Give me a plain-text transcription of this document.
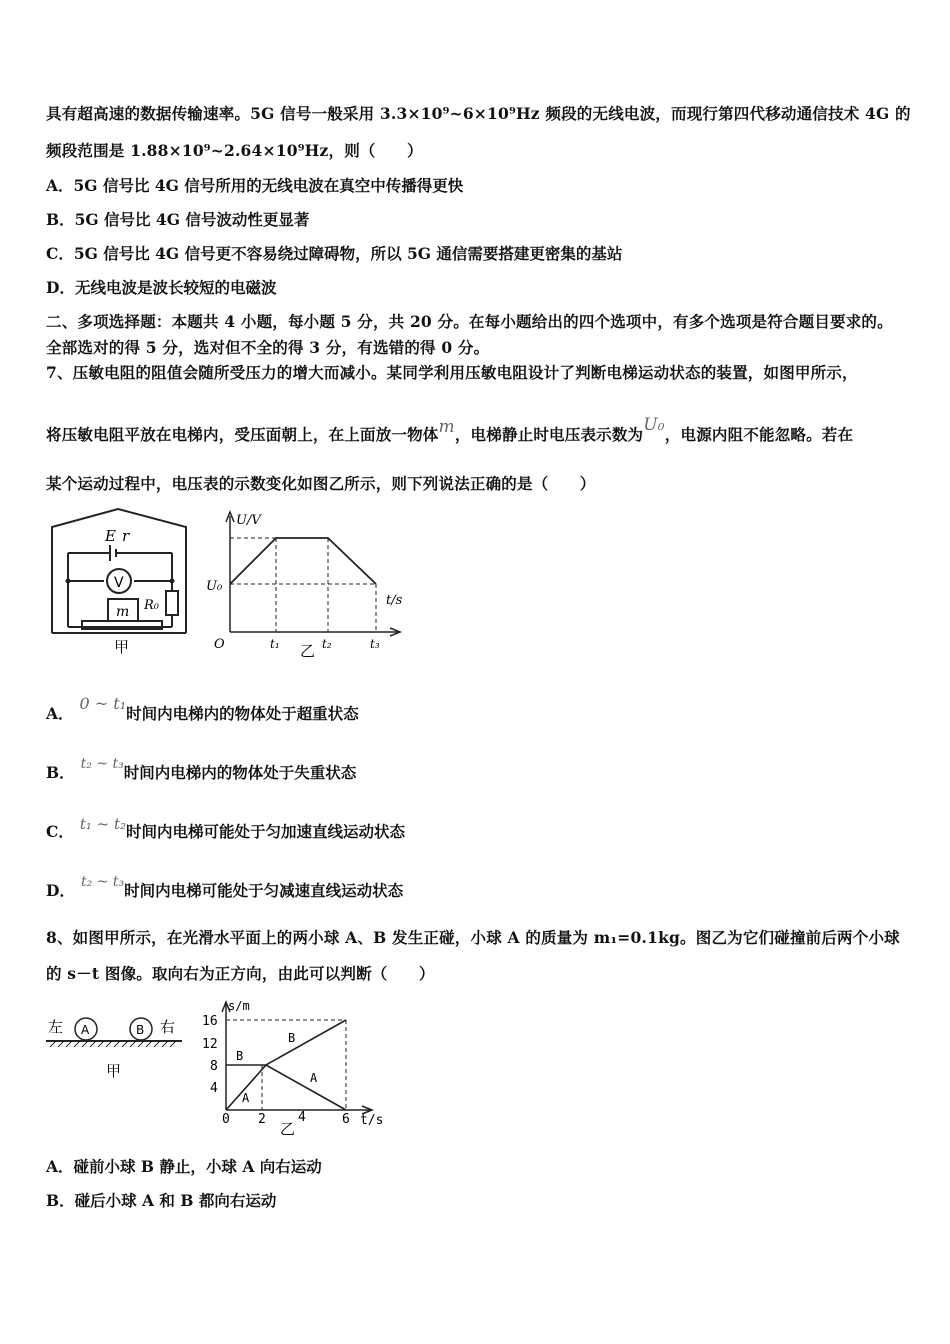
具有超高速的数据传输速率。5G 信号一般采用 3.3×10⁹~6×10⁹Hz 频段的无线电波，而现行第四代移动通信技术 4G 的
频段范围是 1.88×10⁹~2.64×10⁹Hz，则（　　）
A．5G 信号比 4G 信号所用的无线电波在真空中传播得更快
B．5G 信号比 4G 信号波动性更显著
C．5G 信号比 4G 信号更不容易绕过障碍物，所以 5G 通信需要搭建更密集的基站
D．无线电波是波长较短的电磁波
二、多项选择题：本题共 4 小题，每小题 5 分，共 20 分。在每小题给出的四个选项中，有多个选项是符合题目要求的。
全部选对的得 5 分，选对但不全的得 3 分，有选错的得 0 分。
7、压敏电阻的阻值会随所受压力的增大而减小。某同学利用压敏电阻设计了判断电梯运动状态的装置，如图甲所示，
将压敏电阻平放在电梯内，受压面朝上，在上面放一物体m，电梯静止时电压表示数为U₀，电源内阻不能忽略。若在
某个运动过程中，电压表的示数变化如图乙所示，则下列说法正确的是（　　）
E r
V
m R₀
甲
U/V
t/s
U₀
O	t₁	t₂	t₃
乙
A．0 ~ t₁时间内电梯内的物体处于超重状态
B． t₂ ~ t₃时间内电梯内的物体处于失重状态
C． t₁ ~ t₂时间内电梯可能处于匀加速直线运动状态
D． t₂ ~ t₃时间内电梯可能处于匀减速直线运动状态
8、如图甲所示，在光滑水平面上的两小球 A、B 发生正碰，小球 A 的质量为 m₁=0.1kg。图乙为它们碰撞前后两个小球
的 s－t 图像。取向右为正方向，由此可以判断（　　）
左 A	B 右
甲
s/m
t/s
16
12
8
4
0 2 4	6
B
A
B
A
乙
A．碰前小球 B 静止，小球 A 向右运动
B．碰后小球 A 和 B 都向右运动
